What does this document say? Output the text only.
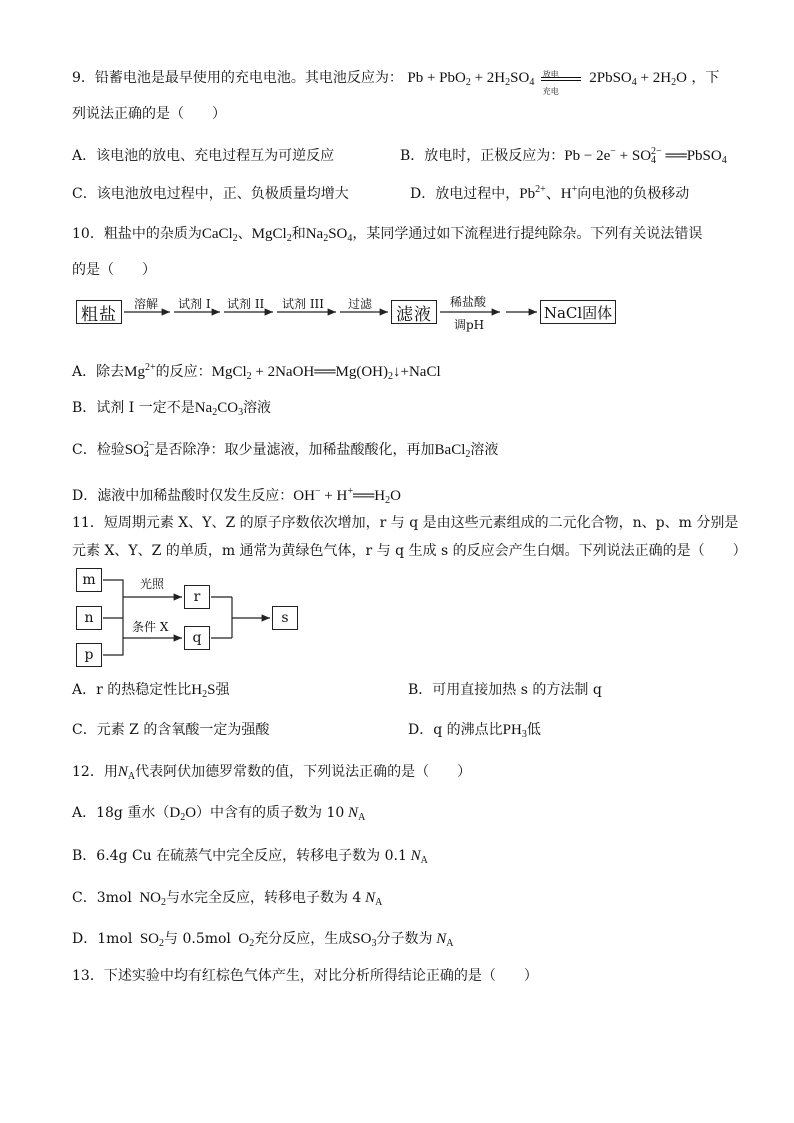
9．铅蓄电池是最早使用的充电电池。其电池反应为： $Pb + PbO_2 + 2H_2SO_4$
放电
充电
2PbSO$_4$ + $2H_2O$ ，下
列说法正确的是（　　）
A．该电池的放电、充电过程互为可逆反应	B．放电时，正极反应为：$Pb - 2e^- + SO_4^{2-}$ ══PbSO$_4$
C．该电池放电过程中，正、负极质量均增大	D．放电过程中，$Pb^{2+}$、H+向电池的负极移动
10．粗盐中的杂质为CaCl$_2$、MgCl$_2$和$Na_2SO_4$，某同学通过如下流程进行提纯除杂。下列有关说法错误
的是（　　）
粗盐
溶解 试剂 I 试剂 II 试剂 III 过滤
滤液
稀盐酸
调pH
NaCl固体
A．除去$Mg^{2+}$的反应：MgCl$_2$ + $2NaOH══Mg(OH)_2↓+NaCl$
B．试剂 I 一定不是$Na_2CO_3$溶液
C．检验$SO_4^{2-}$是否除净：取少量滤液，加稀盐酸酸化，再加BaCl$_2$溶液
D．滤液中加稀盐酸时仅发生反应：$OH^- + H^+══H_2O$
11．短周期元素 X、Y、Z 的原子序数依次增加，r 与 q 是由这些元素组成的二元化合物，n、p、m 分别是
元素 X、Y、Z 的单质，m 通常为黄绿色气体，r 与 q 生成 s 的反应会产生白烟。下列说法正确的是（　　）
m
n
p
r
q
s
光照
条件 X
A．r 的热稳定性比$H_2S$强	B．可用直接加热 s 的方法制 q
C．元素 Z 的含氧酸一定为强酸	D．q 的沸点比$PH_3$低
12．用$N_A$代表阿伏加德罗常数的值，下列说法正确的是（　　）
A．18g 重水$(D_2O)$中含有的质子数为 10 $N_A$
B．6.4g Cu 在硫蒸气中完全反应，转移电子数为 0.1 $N_A$
C．3mol  $NO_2$与水完全反应，转移电子数为 4 $N_A$
D．1mol  $SO_2$与 0.5mol  $O_2$充分反应，生成$SO_3$分子数为 $N_A$
13．下述实验中均有红棕色气体产生，对比分析所得结论正确的是（　　）
